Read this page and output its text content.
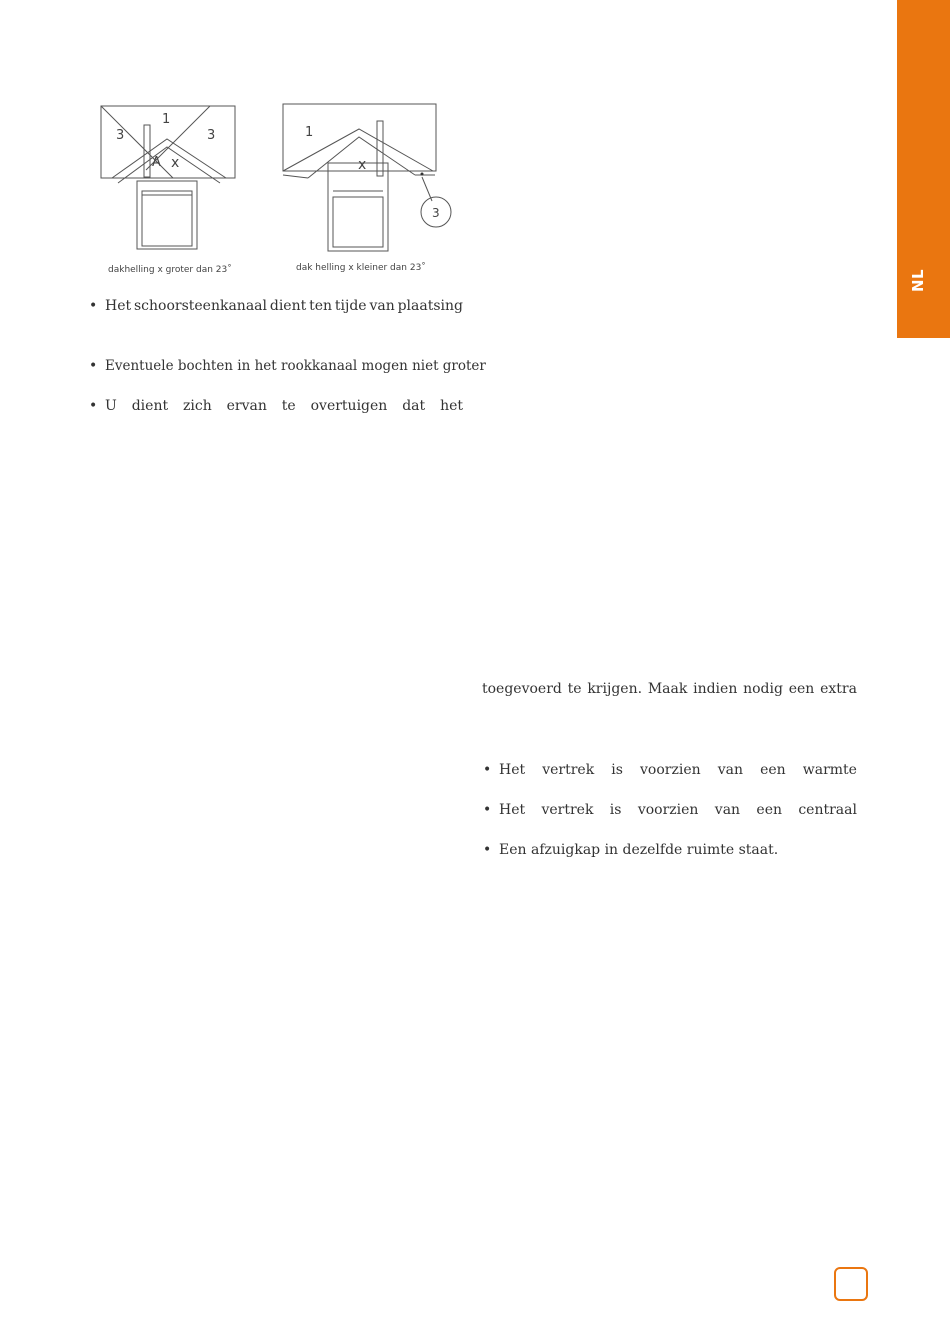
NL
3
1
3
A x
dakhelling x groter dan 23˚
1
x
3
dak helling x kleiner dan 23˚
• Het schoorsteenkanaal dient ten tijde van plaatsing
• Eventuele bochten in het rookkanaal mogen niet groter
• U dient zich ervan te overtuigen dat het
toegevoerd te krijgen. Maak indien nodig een extra
• Het vertrek is voorzien van een warmte
• Het vertrek is voorzien van een centraal
• Een afzuigkap in dezelfde ruimte staat.
